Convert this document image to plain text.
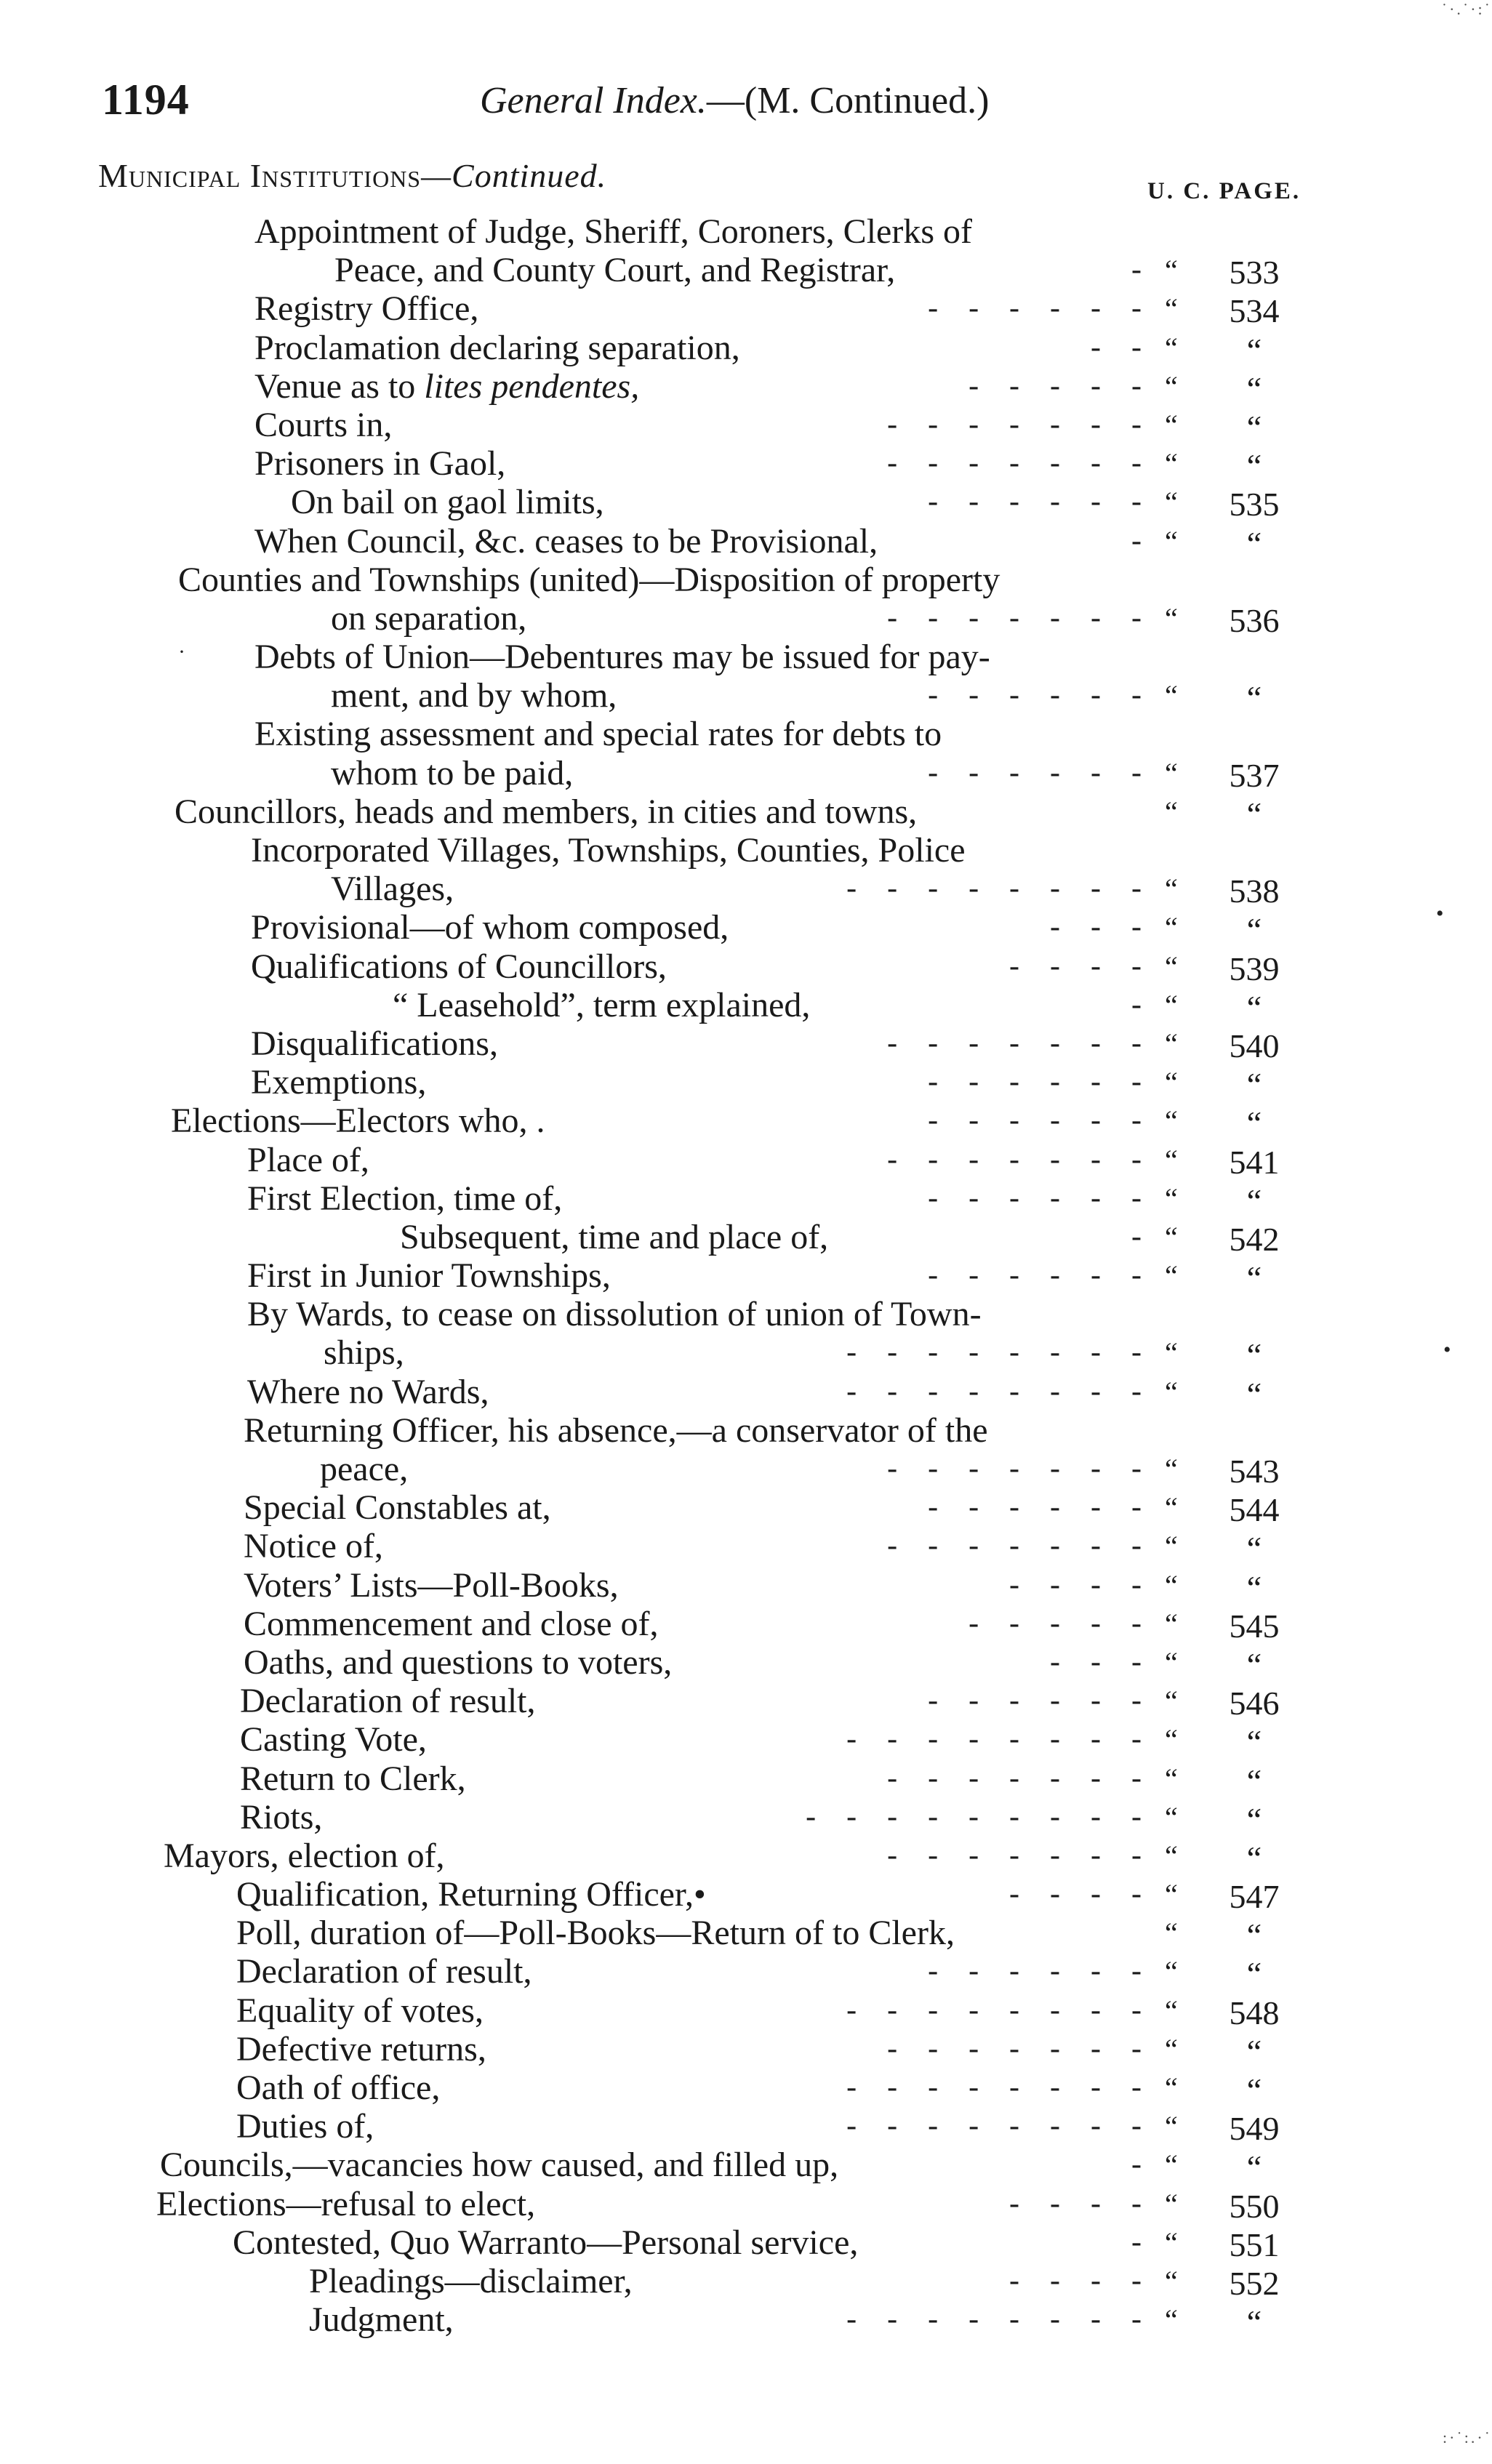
˙·.˙·:˙
:·˙:.·˙
•
•
·
1194	General Index.—(M. Continued.)
Municipal Institutions—Continued.	U. C. PAGE.
Appointment of Judge, Sheriff, Coroners, Clerks of
Peace, and County Court, and Registrar,	- “ 533
Registry Office,	-    -    -    -    -    - “ 534
Proclamation declaring separation,	-    - “	“
Venue as to lites pendentes,	-    -    -    -    - “	“
Courts in,	-    -    -    -    -    -    - “	“
Prisoners in Gaol,	-    -    -    -    -    -    - “	“
On bail on gaol limits,	-    -    -    -    -    - “ 535
When Council, &c. ceases to be Provisional,	- “	“
Counties and Townships (united)—Disposition of property
on separation,	-    -    -    -    -    -    - “ 536
Debts of Union—Debentures may be issued for pay-
ment, and by whom,	-    -    -    -    -    - “	“
Existing assessment and special rates for debts to
whom to be paid,	-    -    -    -    -    - “ 537
Councillors, heads and members, in cities and towns,	“	“
Incorporated Villages, Townships, Counties, Police
Villages,	-    -    -    -    -    -    -    - “ 538
Provisional—of whom composed,	-    -    - “	“
Qualifications of Councillors,	-    -    -    - “ 539
“ Leasehold”, term explained,	- “	“
Disqualifications,	-    -    -    -    -    -    - “ 540
Exemptions,	-    -    -    -    -    - “	“
Elections—Electors who, .	-    -    -    -    -    - “	“
Place of,	-    -    -    -    -    -    - “ 541
First Election, time of,	-    -    -    -    -    - “	“
Subsequent, time and place of,	- “ 542
First in Junior Townships,	-    -    -    -    -    - “	“
By Wards, to cease on dissolution of union of Town-
ships,	-    -    -    -    -    -    -    - “	“
Where no Wards,	-    -    -    -    -    -    -    - “	“
Returning Officer, his absence,—a conservator of the
peace,	-    -    -    -    -    -    - “ 543
Special Constables at,	-    -    -    -    -    - “ 544
Notice of,	-    -    -    -    -    -    - “	“
Voters’ Lists—Poll-Books,	-    -    -    - “	“
Commencement and close of,	-    -    -    -    - “ 545
Oaths, and questions to voters,	-    -    - “	“
Declaration of result,	-    -    -    -    -    - “ 546
Casting Vote,	-    -    -    -    -    -    -    - “	“
Return to Clerk,	-    -    -    -    -    -    - “	“
Riots,	-    -    -    -    -    -    -    -    - “	“
Mayors, election of,	-    -    -    -    -    -    - “	“
Qualification, Returning Officer,•	-    -    -    - “ 547
Poll, duration of—Poll-Books—Return of to Clerk,	“	“
Declaration of result,	-    -    -    -    -    - “	“
Equality of votes,	-    -    -    -    -    -    -    - “ 548
Defective returns,	-    -    -    -    -    -    - “	“
Oath of office,	-    -    -    -    -    -    -    - “	“
Duties of,	-    -    -    -    -    -    -    - “ 549
Councils,—vacancies how caused, and filled up,	- “	“
Elections—refusal to elect,	-    -    -    - “ 550
Contested, Quo Warranto—Personal service,	- “ 551
Pleadings—disclaimer,	-    -    -    - “ 552
Judgment,	-    -    -    -    -    -    -    - “	“
